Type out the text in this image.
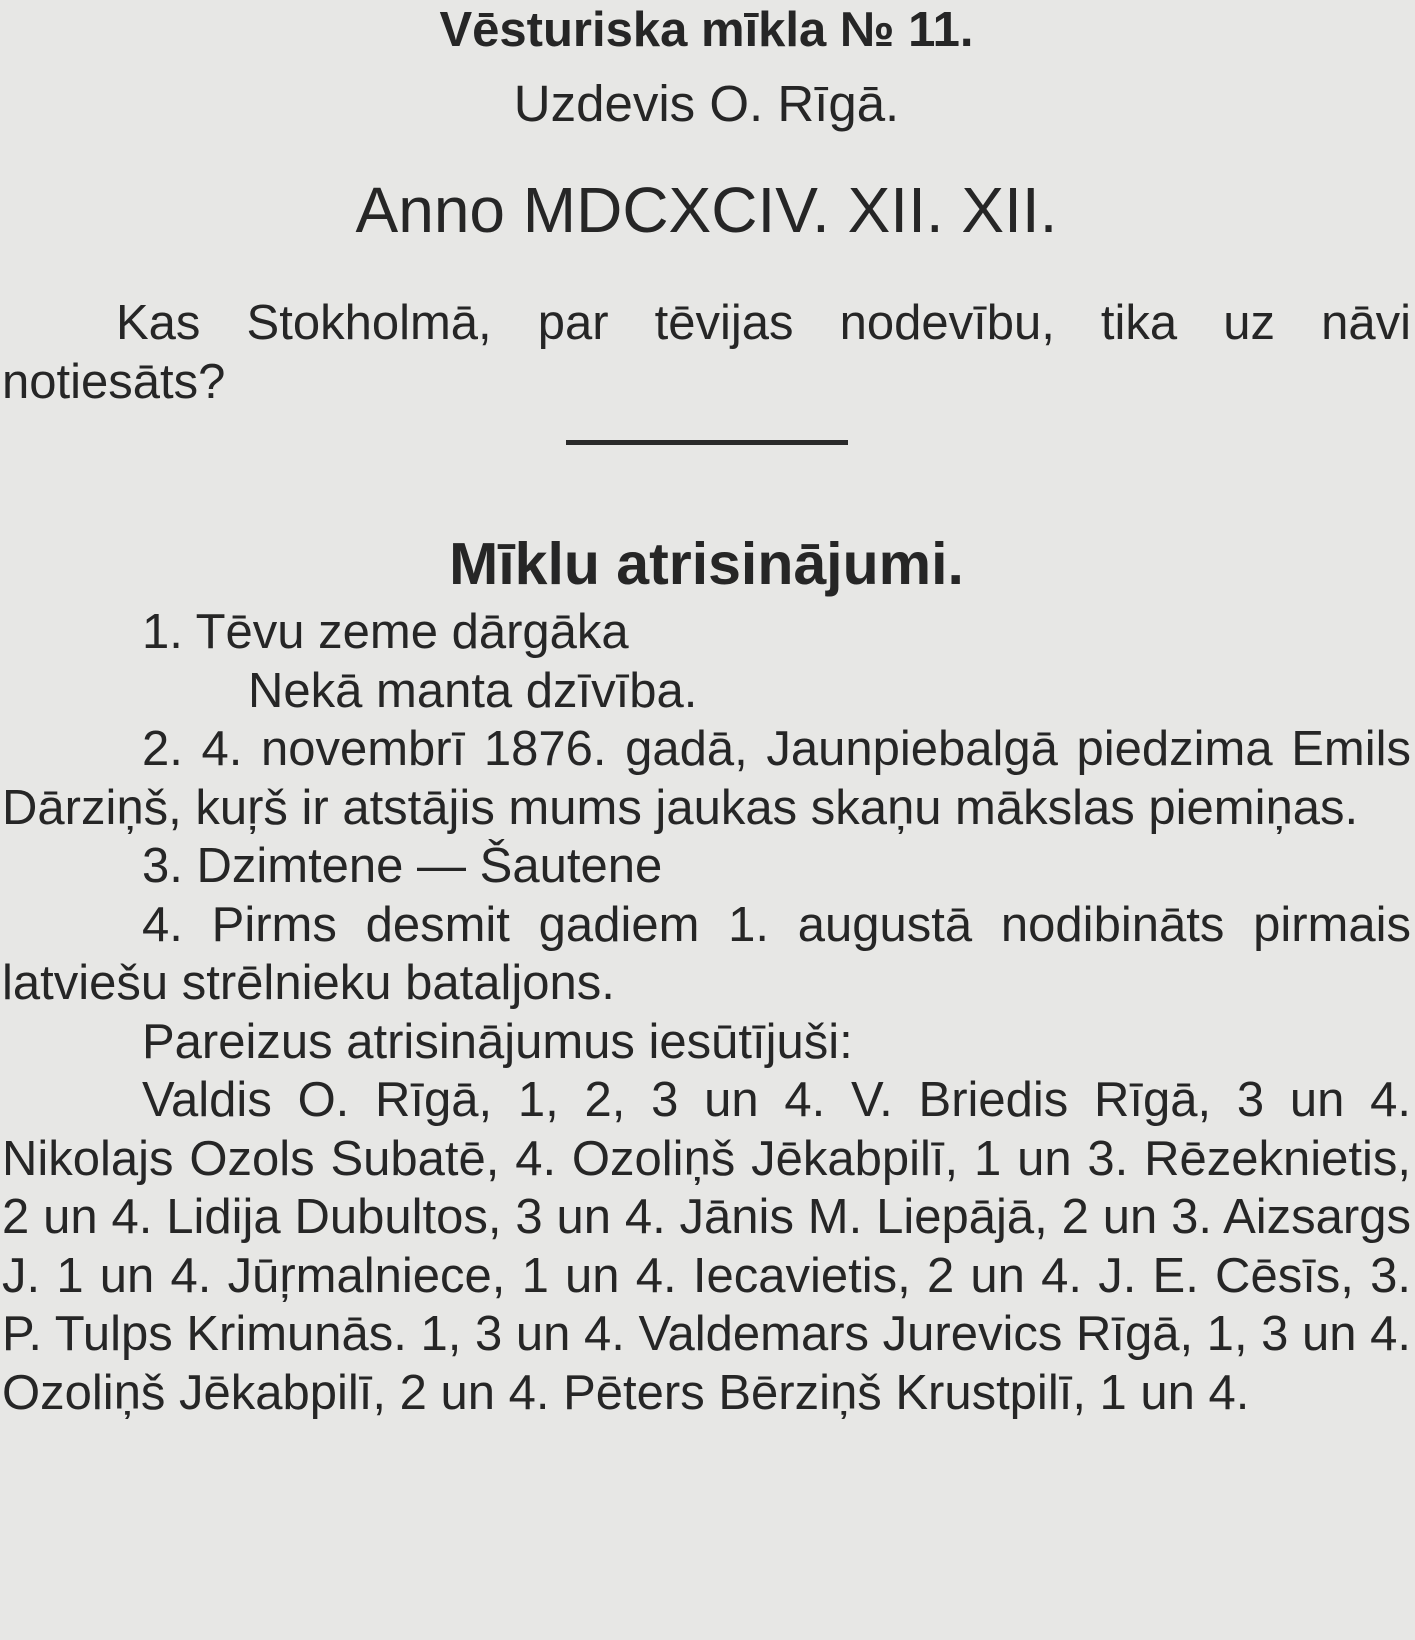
Vēsturiska mīkla № 11.

Uzdevis O. Rīgā.

Anno MDCXCIV. XII. XII.

Kas Stokholmā, par tēvijas nodevību, tika uz nāvi notiesāts?

Mīklu atrisinājumi.

1. Tēvu zeme dārgāka

Nekā manta dzīvība.

2. 4. novembrī 1876. gadā, Jaunpiebalgā piedzima Emils Dārziņš, kuŗš ir atstājis mums jaukas skaņu mākslas piemiņas.

3. Dzimtene — Šautene

4. Pirms desmit gadiem 1. augustā nodibināts pirmais latviešu strēlnieku bataljons.

Pareizus atrisinājumus iesūtījuši:

Valdis O. Rīgā, 1, 2, 3 un 4. V. Briedis Rīgā, 3 un 4. Nikolajs Ozols Subatē, 4. Ozoliņš Jēkabpilī, 1 un 3. Rēzeknietis, 2 un 4. Lidija Dubultos, 3 un 4. Jānis M. Liepājā, 2 un 3. Aizsargs J. 1 un 4. Jūŗmalniece, 1 un 4. Iecavietis, 2 un 4. J. E. Cēsīs, 3. P. Tulps Krimunās. 1, 3 un 4. Valdemars Jurevics Rīgā, 1, 3 un 4. Ozoliņš Jēkabpilī, 2 un 4. Pēters Bērziņš Krustpilī, 1 un 4.
